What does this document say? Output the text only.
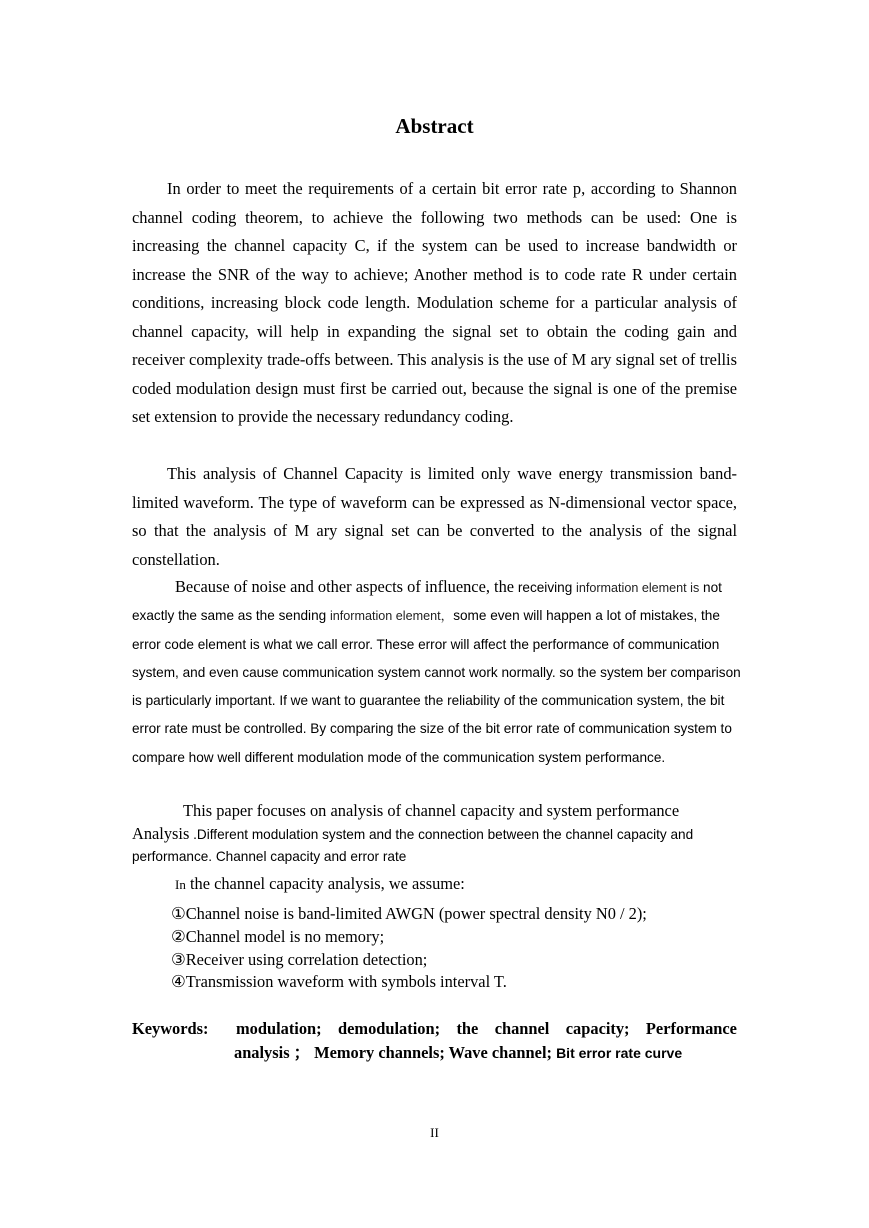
Abstract

In order to meet the requirements of a certain bit error rate p, according to Shannon channel coding theorem, to achieve the following two methods can be used: One is increasing the channel capacity C, if the system can be used to increase bandwidth or increase the SNR of the way to achieve; Another method is to code rate R under certain conditions, increasing block code length. Modulation scheme for a particular analysis of channel capacity, will help in expanding the signal set to obtain the coding gain and receiver complexity trade-offs between. This analysis is the use of M ary signal set of trellis coded modulation design must first be carried out, because the signal is one of the premise set extension to provide the necessary redundancy coding.

This analysis of Channel Capacity is limited only wave energy transmission band-limited waveform. The type of waveform can be expressed as N-dimensional vector space, so that the analysis of M ary signal set can be converted to the analysis of the signal constellation.

Because of noise and other aspects of influence, the receiving information element is not exactly the same as the sending information element，some even will happen a lot of mistakes, the error code element is what we call error. These error will affect the performance of communication system, and even cause communication system cannot work normally. so the system ber comparison is particularly important. If we want to guarantee the reliability of the communication system, the bit error rate must be controlled. By comparing the size of the bit error rate of communication system to compare how well different modulation mode of the communication system performance.

This paper focuses on analysis of channel capacity and system performance
Analysis .Different modulation system and the connection between the channel capacity and performance. Channel capacity and error rate

In the channel capacity analysis, we assume:

①Channel noise is band-limited AWGN (power spectral density N0 / 2);
②Channel model is no memory;
③Receiver using correlation detection;
④Transmission waveform with symbols interval T.
Keywords: modulation; demodulation; the channel capacity; Performance
analysis ； Memory channels; Wave channel; Bit error rate curve
II
